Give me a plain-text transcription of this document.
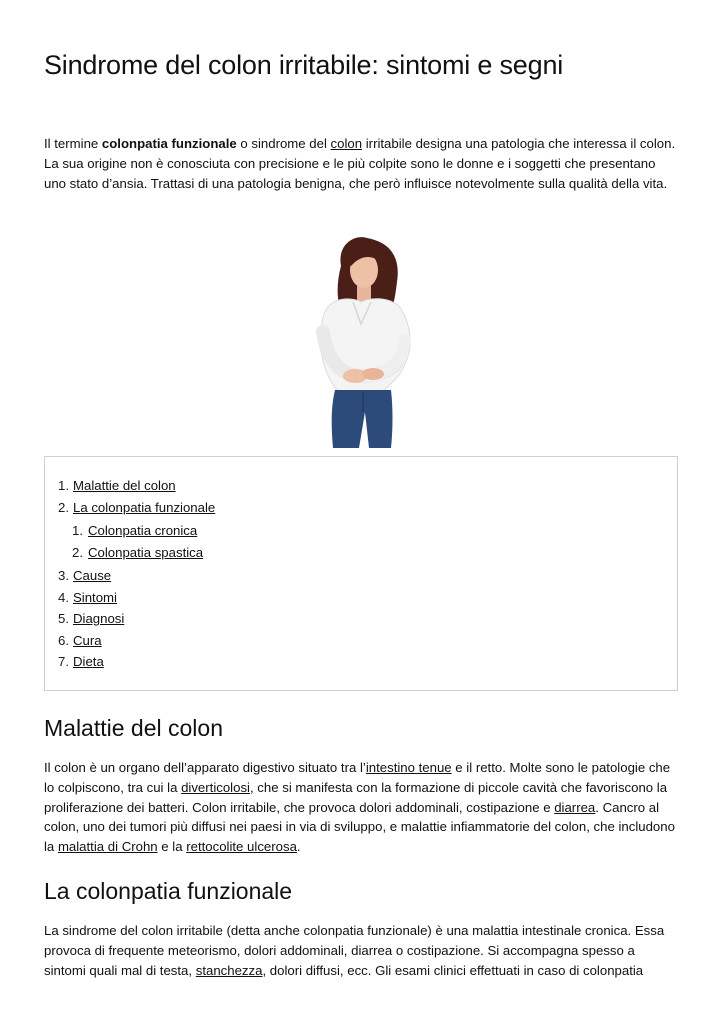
Sindrome del colon irritabile: sintomi e segni

Il termine colonpatia funzionale o sindrome del colon irritabile designa una patologia che interessa il colon. La sua origine non è conosciuta con precisione e le più colpite sono le donne e i soggetti che presentano uno stato d’ansia. Trattasi di una patologia benigna, che però influisce notevolmente sulla qualità della vita.

1. Malattie del colon
2. La colonpatia funzionale
1. Colonpatia cronica
2. Colonpatia spastica
3. Cause
4. Sintomi
5. Diagnosi
6. Cura
7. Dieta
Malattie del colon

Il colon è un organo dell’apparato digestivo situato tra l’intestino tenue e il retto. Molte sono le patologie che lo colpiscono, tra cui la diverticolosi, che si manifesta con la formazione di piccole cavità che favoriscono la proliferazione dei batteri. Colon irritabile, che provoca dolori addominali, costipazione e diarrea. Cancro al colon, uno dei tumori più diffusi nei paesi in via di sviluppo, e malattie infiammatorie del colon, che includono la malattia di Crohn e la rettocolite ulcerosa.

La colonpatia funzionale

La sindrome del colon irritabile (detta anche colonpatia funzionale) è una malattia intestinale cronica. Essa provoca di frequente meteorismo, dolori addominali, diarrea o costipazione. Si accompagna spesso a sintomi quali mal di testa, stanchezza, dolori diffusi, ecc. Gli esami clinici effettuati in caso di colonpatia
